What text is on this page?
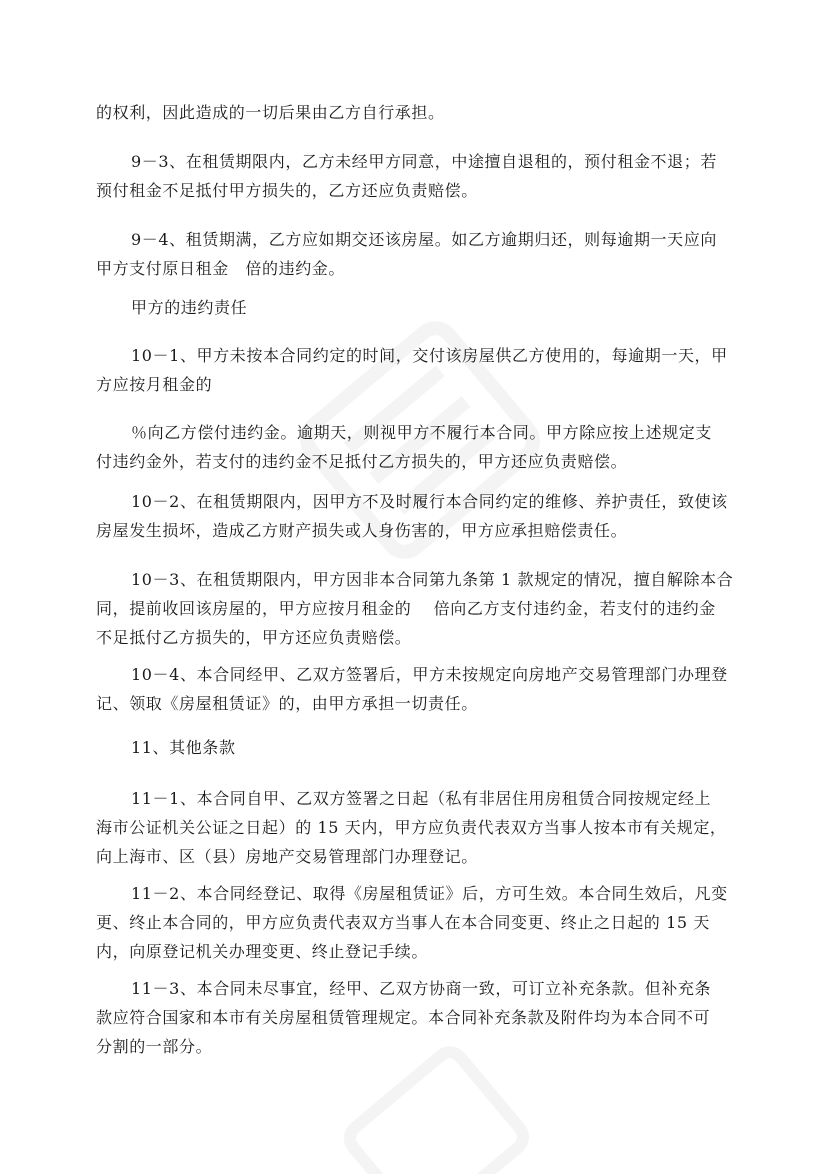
的权利，因此造成的一切后果由乙方自行承担。
9－3、在租赁期限内，乙方未经甲方同意，中途擅自退租的，预付租金不退；若
预付租金不足抵付甲方损失的，乙方还应负责赔偿。
9－4、租赁期满，乙方应如期交还该房屋。如乙方逾期归还，则每逾期一天应向
甲方支付原日租金　倍的违约金。
甲方的违约责任
10－1、甲方未按本合同约定的时间，交付该房屋供乙方使用的，每逾期一天，甲
方应按月租金的
％向乙方偿付违约金。逾期天，则视甲方不履行本合同。甲方除应按上述规定支
付违约金外，若支付的违约金不足抵付乙方损失的，甲方还应负责赔偿。
10－2、在租赁期限内，因甲方不及时履行本合同约定的维修、养护责任，致使该
房屋发生损坏，造成乙方财产损失或人身伤害的，甲方应承担赔偿责任。
10－3、在租赁期限内，甲方因非本合同第九条第 1 款规定的情况，擅自解除本合
同，提前收回该房屋的，甲方应按月租金的　 倍向乙方支付违约金，若支付的违约金
不足抵付乙方损失的，甲方还应负责赔偿。
10－4、本合同经甲、乙双方签署后，甲方未按规定向房地产交易管理部门办理登
记、领取《房屋租赁证》的，由甲方承担一切责任。
11、其他条款
11－1、本合同自甲、乙双方签署之日起（私有非居住用房租赁合同按规定经上
海市公证机关公证之日起）的 15 天内，甲方应负责代表双方当事人按本市有关规定，
向上海市、区（县）房地产交易管理部门办理登记。
11－2、本合同经登记、取得《房屋租赁证》后，方可生效。本合同生效后，凡变
更、终止本合同的，甲方应负责代表双方当事人在本合同变更、终止之日起的 15 天
内，向原登记机关办理变更、终止登记手续。
11－3、本合同未尽事宜，经甲、乙双方协商一致，可订立补充条款。但补充条
款应符合国家和本市有关房屋租赁管理规定。本合同补充条款及附件均为本合同不可
分割的一部分。
